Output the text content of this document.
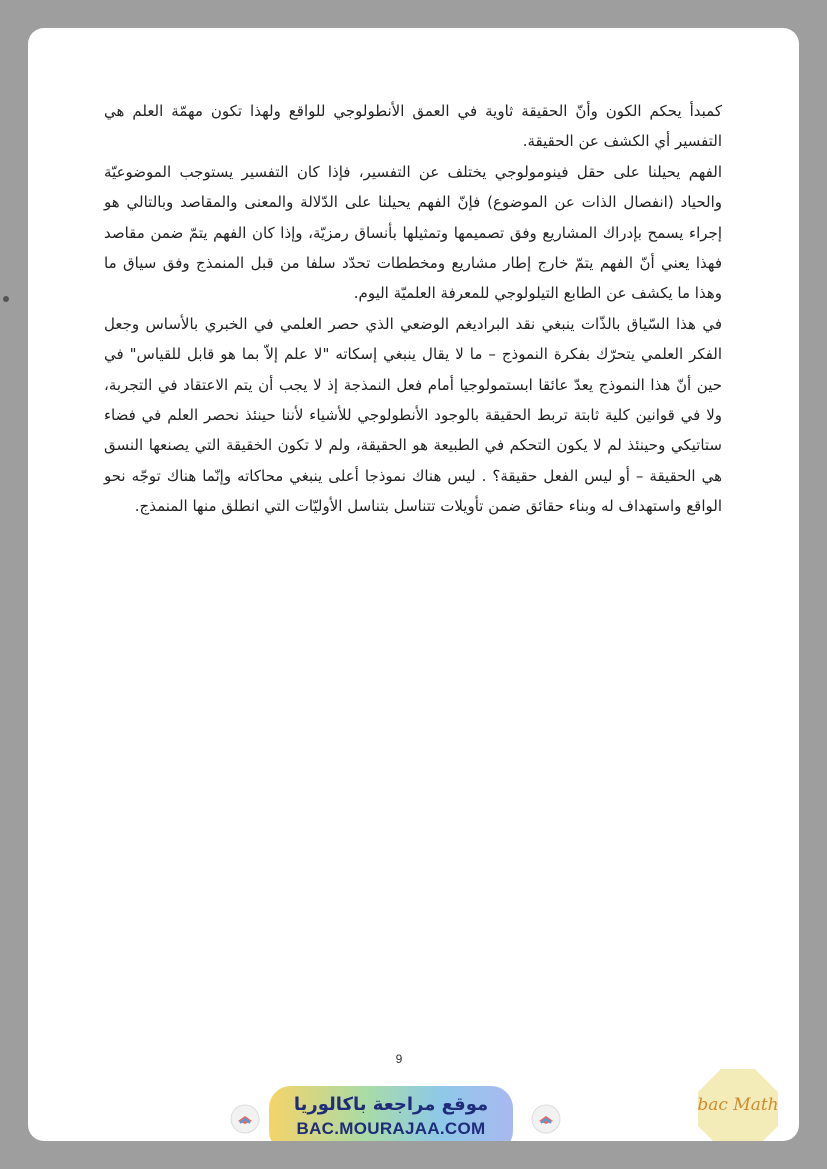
كمبدأ يحكم الكون وأنّ الحقيقة ثاوية في العمق الأنطولوجي للواقع ولهذا تكون مهمّة العلم هي التفسير أي الكشف عن الحقيقة.

الفهم يحيلنا على حقل فينومولوجي يختلف عن التفسير، فإذا كان التفسير يستوجب الموضوعيّة والحياد (انفصال الذات عن الموضوع) فإنّ الفهم يحيلنا على الدّلالة والمعنى والمقاصد وبالتالي هو إجراء يسمح بإدراك المشاريع وفق تصميمها وتمثيلها بأنساق رمزيّة، وإذا كان الفهم يتمّ ضمن مقاصد فهذا يعني أنّ الفهم يتمّ خارج إطار مشاريع ومخططات تحدّد سلفا من قبل المنمذج وفق سياق ما وهذا ما يكشف عن الطابع التيلولوجي للمعرفة العلميّة اليوم.

في هذا السّياق بالذّات ينبغي نقد البراديغم الوضعي الذي حصر العلمي في الخبري بالأساس وجعل الفكر العلمي يتحرّك بفكرة النموذج – ما لا يقال ينبغي إسكاته "لا علم إلاّ بما هو قابل للقياس" في حين أنّ هذا النموذج يعدّ عائقا ابستمولوجيا أمام فعل النمذجة إذ لا يجب أن يتم الاعتقاد في التجربة، ولا في قوانين كلية ثابتة تربط الحقيقة بالوجود الأنطولوجي للأشياء لأننا حينئذ نحصر العلم في فضاء ستاتيكي وحينئذ لم لا يكون التحكم في الطبيعة هو الحقيقة، ولم لا تكون الخقيقة التي يصنعها النسق هي الحقيقة – أو ليس الفعل حقيقة؟ . ليس هناك نموذجا أعلى ينبغي محاكاته وإنّما هناك توجّه نحو الواقع واستهداف له وبناء حقائق ضمن تأويلات تتناسل بتناسل الأوليّات التي انطلق منها المنمذج.

9
موقع مراجعة باكالوريا
BAC.MOURAJAA.COM
bac Math
